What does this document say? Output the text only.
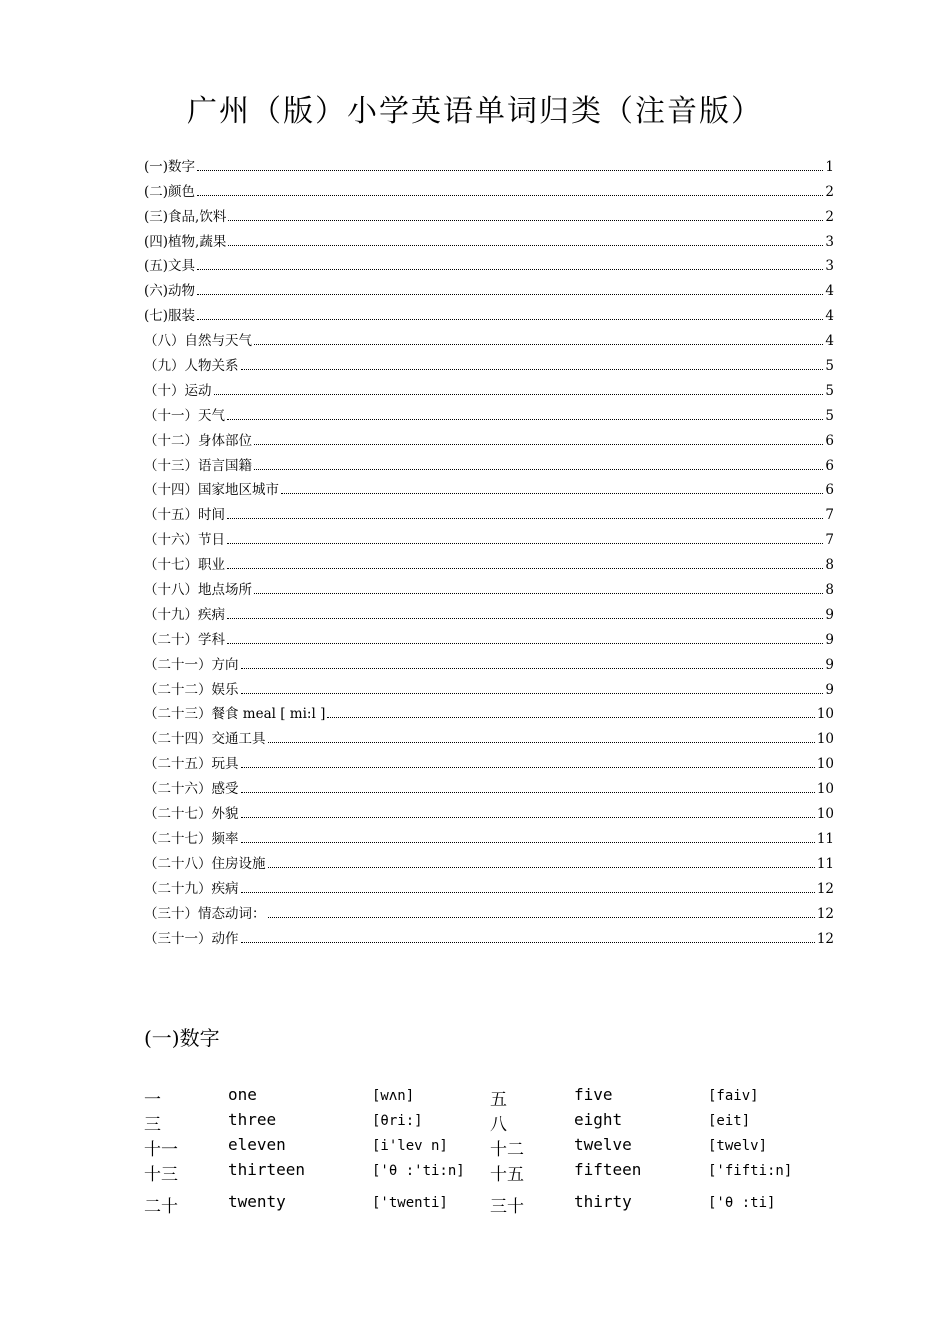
广州（版）小学英语单词归类（注音版）
(一)数字	1
(二)颜色	2
(三)食品,饮料	2
(四)植物,蔬果	3
(五)文具	3
(六)动物	4
(七)服装	4
（八）自然与天气	4
（九）人物关系	5
（十）运动	5
（十一）天气	5
（十二）身体部位	6
（十三）语言国籍	6
（十四）国家地区城市	6
（十五）时间	7
（十六）节日	7
（十七）职业	8
（十八）地点场所	8
（十九）疾病	9
（二十）学科	9
（二十一）方向	9
（二十二）娱乐	9
（二十三）餐食 meal [ mi:l ]	10
（二十四）交通工具	10
（二十五）玩具	10
（二十六）感受	10
（二十七）外貌	10
（二十七）频率	11
（二十八）住房设施	11
（二十九）疾病	12
（三十）情态动词：	12
（三十一）动作	12
(一)数字
一	one	[wʌn]	五	five	[faiv]
三	three	[θri:]	八	eight	[eit]
十一	eleven	[i'lev n] 十二	twelve	[twelv]
十三	thirteen	['θ :'ti:n] 十五	fifteen	['fifti:n]
二十	twenty	['twenti] 三十	thirty	['θ :ti]
